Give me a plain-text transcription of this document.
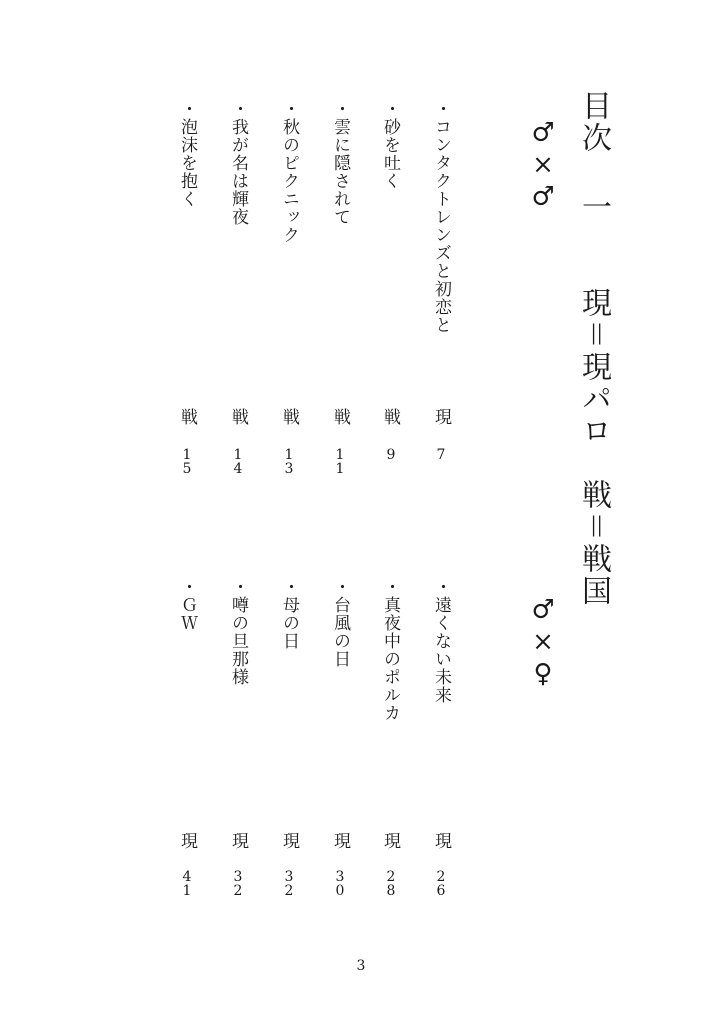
目次 一　　現＝現パロ　戦＝戦国
♂×♂
・コンタクトレンズと初恋と
現
7
・砂を吐く
戦
9
・雲に隠されて
戦
11
・秋のピクニック
戦
13
・我が名は輝夜
戦
14
・泡沫を抱く
戦
15
♂×♀
・遠くない未来
現
26
・真夜中のポルカ
現
28
・台風の日
現
30
・母の日
現
32
・噂の旦那様
現
32
・ＧＷ
現
41
3
